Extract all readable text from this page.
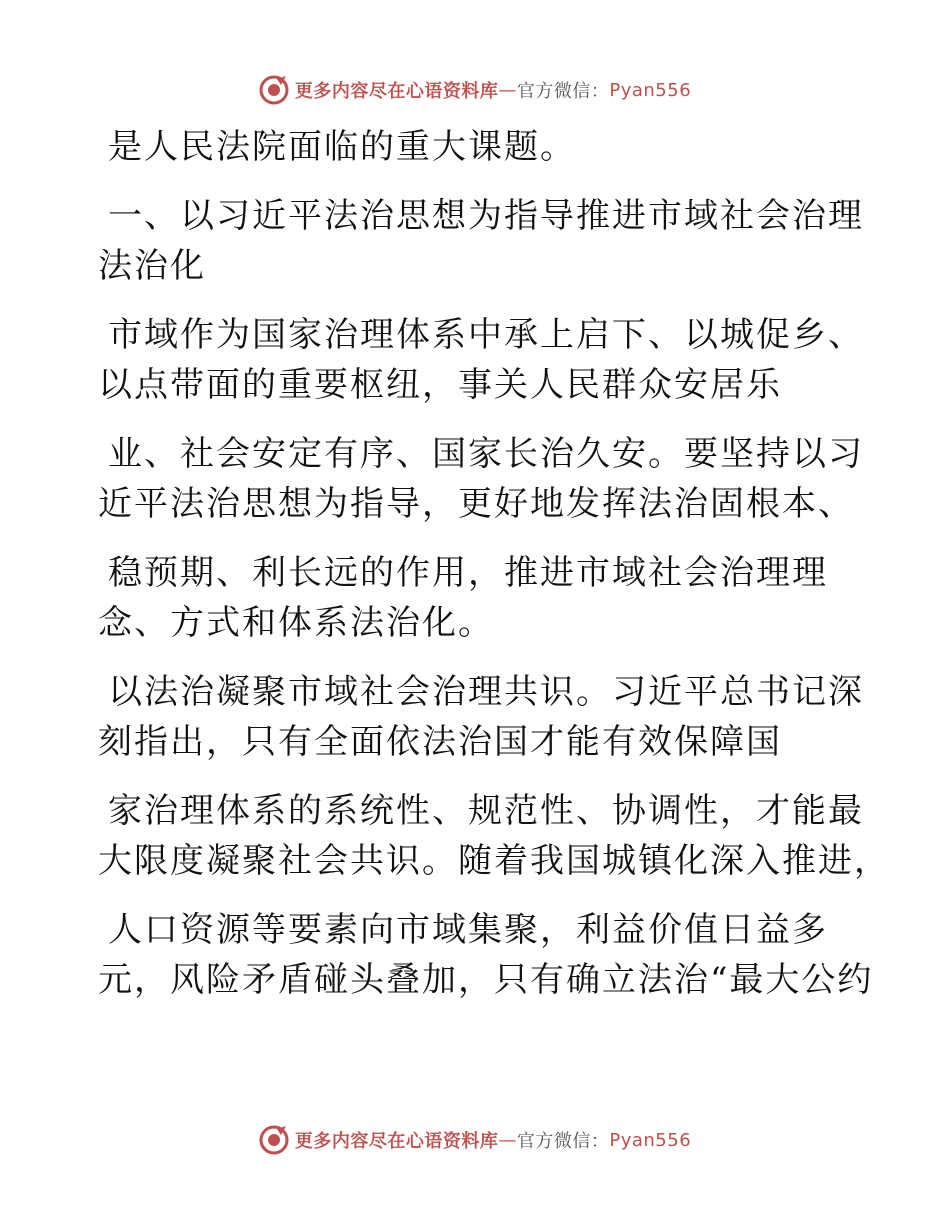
更多内容尽在心语资料库 — 官方微信： Pyan556
是人民法院面临的重大课题。
一、以习近平法治思想为指导推进市域社会治理
法治化
市域作为国家治理体系中承上启下、以城促乡、
以点带面的重要枢纽，事关人民群众安居乐
业、社会安定有序、国家长治久安。要坚持以习
近平法治思想为指导，更好地发挥法治固根本、
稳预期、利长远的作用，推进市域社会治理理
念、方式和体系法治化。
以法治凝聚市域社会治理共识。习近平总书记深
刻指出，只有全面依法治国才能有效保障国
家治理体系的系统性、规范性、协调性，才能最
大限度凝聚社会共识。随着我国城镇化深入推进，
人口资源等要素向市域集聚，利益价值日益多
元，风险矛盾碰头叠加，只有确立法治“最大公约
更多内容尽在心语资料库 — 官方微信： Pyan556
